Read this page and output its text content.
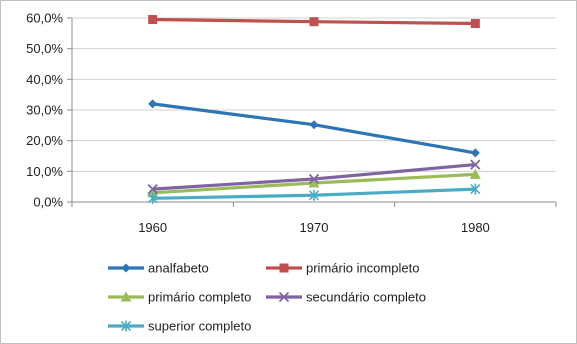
0,0%
10,0%
20,0%
30,0%
40,0%
50,0%
60,0%
1960	1970	1980
analfabeto	primário incompleto
primário completo	secundário completo
superior completo
